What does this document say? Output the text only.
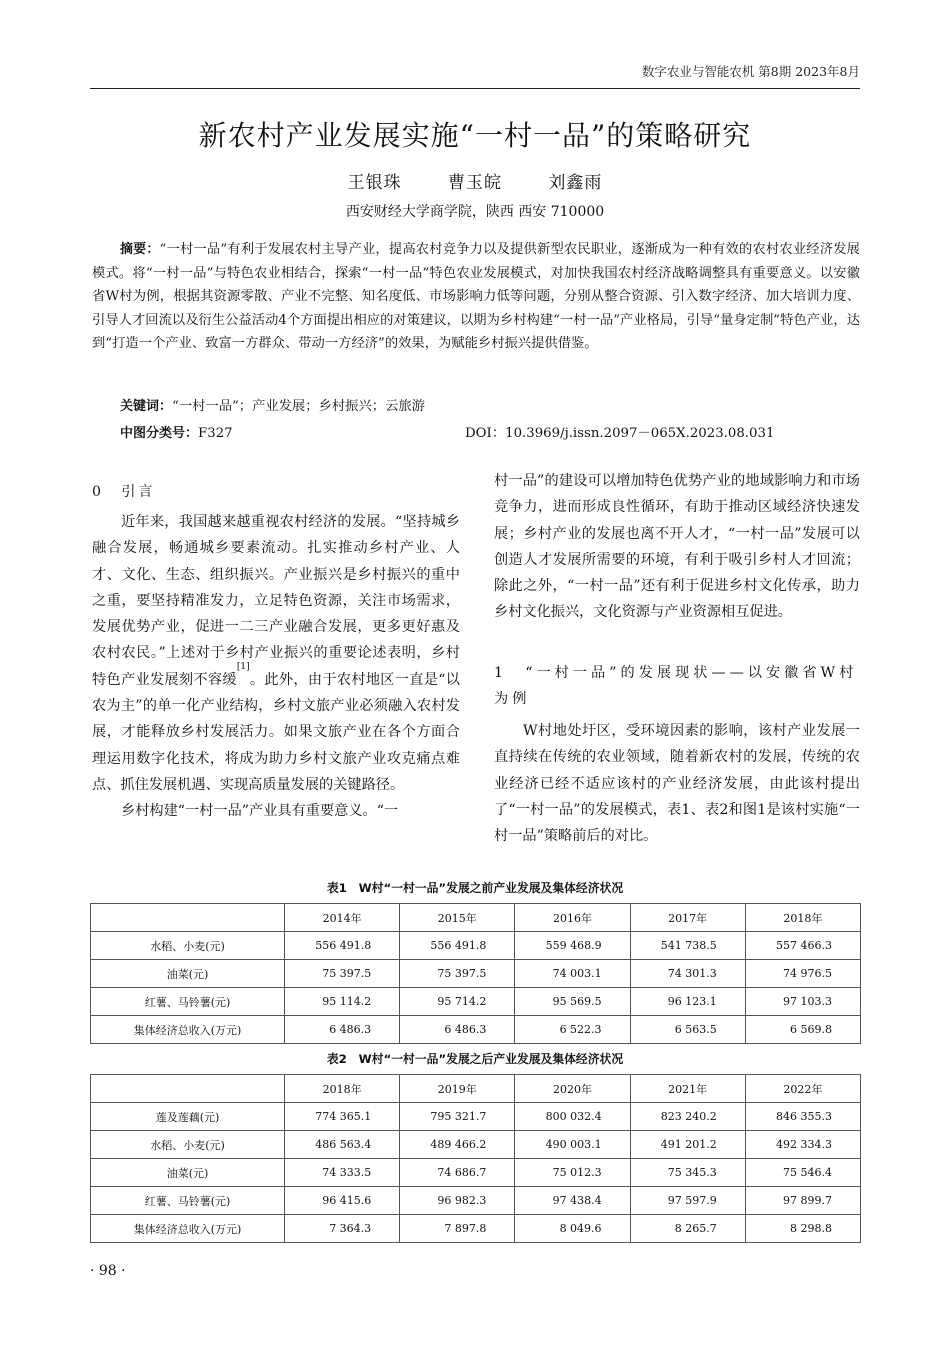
数字农业与智能农机 第8期 2023年8月
新农村产业发展实施“一村一品”的策略研究
王银珠	曹玉皖	刘鑫雨
西安财经大学商学院，陕西 西安 710000
摘要：“一村一品”有利于发展农村主导产业，提高农村竞争力以及提供新型农民职业，逐渐成为一种有效的农村农业经济发展模式。将“一村一品”与特色农业相结合，探索“一村一品”特色农业发展模式，对加快我国农村经济战略调整具有重要意义。以安徽省W村为例，根据其资源零散、产业不完整、知名度低、市场影响力低等问题，分别从整合资源、引入数字经济、加大培训力度、引导人才回流以及衍生公益活动4个方面提出相应的对策建议，以期为乡村构建“一村一品”产业格局，引导“量身定制”特色产业，达到“打造一个产业、致富一方群众、带动一方经济”的效果，为赋能乡村振兴提供借鉴。
关键词：“一村一品”；产业发展；乡村振兴；云旅游
中图分类号：F327	DOI：10.3969/j.issn.2097－065X.2023.08.031
0　引言

近年来，我国越来越重视农村经济的发展。“坚持城乡融合发展，畅通城乡要素流动。扎实推动乡村产业、人才、文化、生态、组织振兴。产业振兴是乡村振兴的重中之重，要坚持精准发力，立足特色资源，关注市场需求，发展优势产业，促进一二三产业融合发展，更多更好惠及农村农民。”上述对于乡村产业振兴的重要论述表明，乡村特色产业发展刻不容缓[1]。此外，由于农村地区一直是“以农为主”的单一化产业结构，乡村文旅产业必须融入农村发展，才能释放乡村发展活力。如果文旅产业在各个方面合理运用数字化技术，将成为助力乡村文旅产业攻克痛点难点、抓住发展机遇、实现高质量发展的关键路径。

乡村构建“一村一品”产业具有重要意义。“一

村一品”的建设可以增加特色优势产业的地域影响力和市场竞争力，进而形成良性循环，有助于推动区域经济快速发展；乡村产业的发展也离不开人才，“一村一品”发展可以创造人才发展所需要的环境，有利于吸引乡村人才回流；除此之外，“一村一品”还有利于促进乡村文化传承，助力乡村文化振兴，文化资源与产业资源相互促进。

1　“一村一品”的发展现状——以安徽省W村为例

W村地处圩区，受环境因素的影响，该村产业发展一直持续在传统的农业领域，随着新农村的发展，传统的农业经济已经不适应该村的产业经济发展，由此该村提出了“一村一品”的发展模式，表1、表2和图1是该村实施“一村一品”策略前后的对比。

表1　W村“一村一品”发展之前产业发展及集体经济状况
	2014年	2015年	2016年	2017年	2018年
水稻、小麦(元)	556 491.8	556 491.8	559 468.9	541 738.5	557 466.3
油菜(元)	75 397.5	75 397.5	74 003.1	74 301.3	74 976.5
红薯、马铃薯(元)	95 114.2	95 714.2	95 569.5	96 123.1	97 103.3
集体经济总收入(万元)	6 486.3	6 486.3	6 522.3	6 563.5	6 569.8
表2　W村“一村一品”发展之后产业发展及集体经济状况
	2018年	2019年	2020年	2021年	2022年
莲及莲藕(元)	774 365.1	795 321.7	800 032.4	823 240.2	846 355.3
水稻、小麦(元)	486 563.4	489 466.2	490 003.1	491 201.2	492 334.3
油菜(元)	74 333.5	74 686.7	75 012.3	75 345.3	75 546.4
红薯、马铃薯(元)	96 415.6	96 982.3	97 438.4	97 597.9	97 899.7
集体经济总收入(万元)	7 364.3	7 897.8	8 049.6	8 265.7	8 298.8
· 98 ·
